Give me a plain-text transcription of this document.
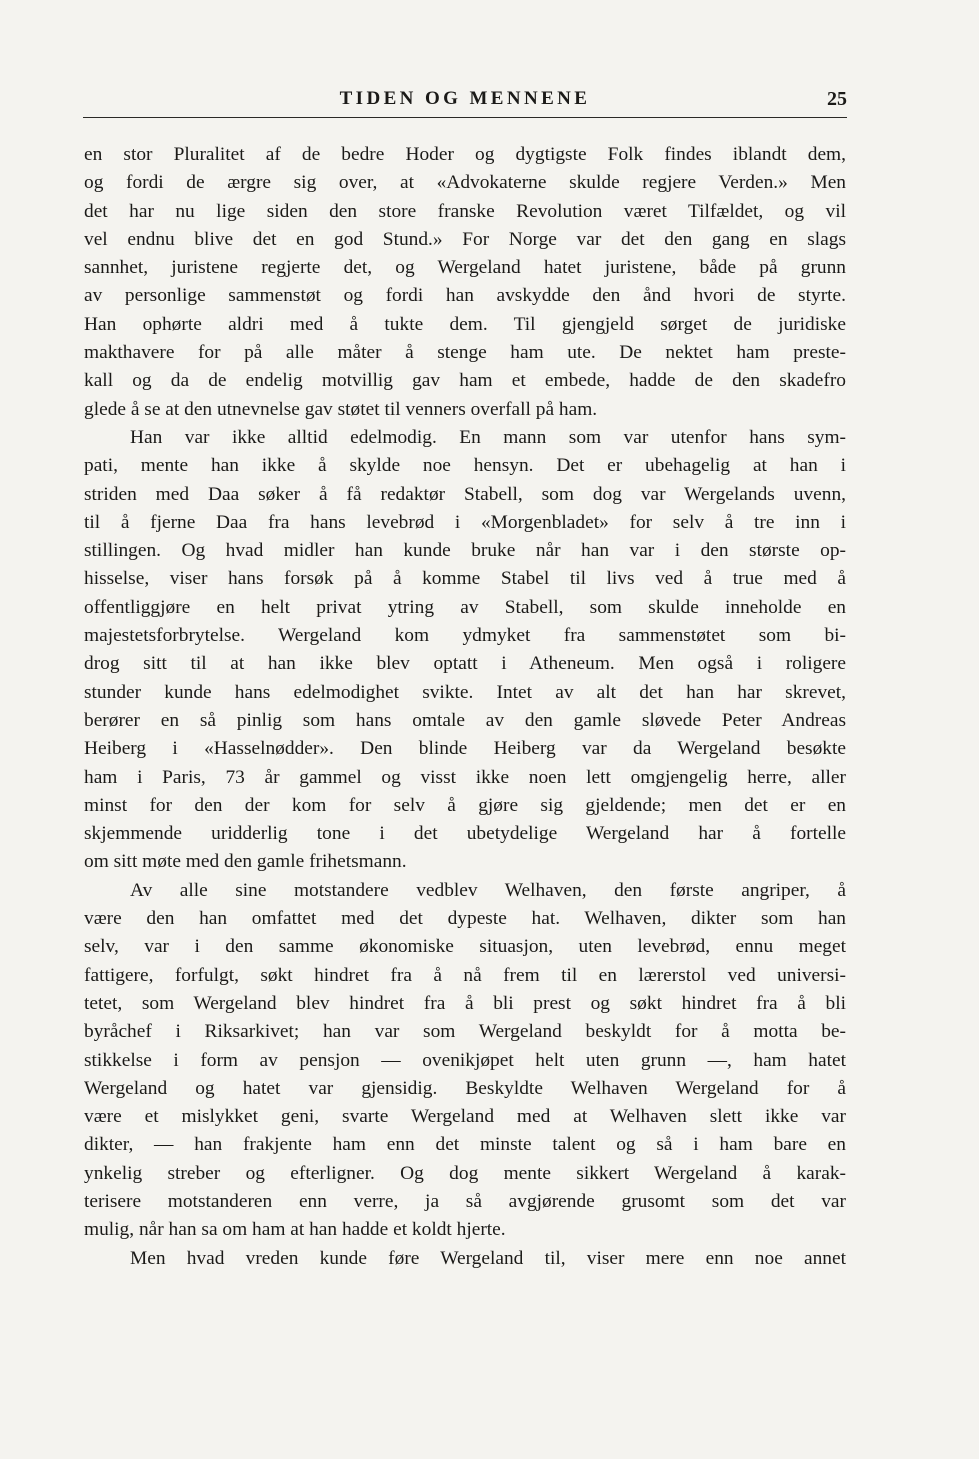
TIDEN OG MENNENE	25
en stor Pluralitet af de bedre Hoder og dygtigste Folk findes iblandt dem,
og fordi de ærgre sig over, at «Advokaterne skulde regjere Verden.» Men
det har nu lige siden den store franske Revolution været Tilfældet, og vil
vel endnu blive det en god Stund.» For Norge var det den gang en slags
sannhet, juristene regjerte det, og Wergeland hatet juristene, både på grunn
av personlige sammenstøt og fordi han avskydde den ånd hvori de styrte.
Han ophørte aldri med å tukte dem. Til gjengjeld sørget de juridiske
makthavere for på alle måter å stenge ham ute. De nektet ham preste-
kall og da de endelig motvillig gav ham et embede, hadde de den skadefro
glede å se at den utnevnelse gav støtet til venners overfall på ham.
Han var ikke alltid edelmodig. En mann som var utenfor hans sym-
pati, mente han ikke å skylde noe hensyn. Det er ubehagelig at han i
striden med Daa søker å få redaktør Stabell, som dog var Wergelands uvenn,
til å fjerne Daa fra hans levebrød i «Morgenbladet» for selv å tre inn i
stillingen. Og hvad midler han kunde bruke når han var i den største op-
hisselse, viser hans forsøk på å komme Stabel til livs ved å true med å
offentliggjøre en helt privat ytring av Stabell, som skulde inneholde en
majestetsforbrytelse. Wergeland kom ydmyket fra sammenstøtet som bi-
drog sitt til at han ikke blev optatt i Atheneum. Men også i roligere
stunder kunde hans edelmodighet svikte. Intet av alt det han har skrevet,
berører en så pinlig som hans omtale av den gamle sløvede Peter Andreas
Heiberg i «Hasselnødder». Den blinde Heiberg var da Wergeland besøkte
ham i Paris, 73 år gammel og visst ikke noen lett omgjengelig herre, aller
minst for den der kom for selv å gjøre sig gjeldende; men det er en
skjemmende uridderlig tone i det ubetydelige Wergeland har å fortelle
om sitt møte med den gamle frihetsmann.
Av alle sine motstandere vedblev Welhaven, den første angriper, å
være den han omfattet med det dypeste hat. Welhaven, dikter som han
selv, var i den samme økonomiske situasjon, uten levebrød, ennu meget
fattigere, forfulgt, søkt hindret fra å nå frem til en lærerstol ved universi-
tetet, som Wergeland blev hindret fra å bli prest og søkt hindret fra å bli
byråchef i Riksarkivet; han var som Wergeland beskyldt for å motta be-
stikkelse i form av pensjon — ovenikjøpet helt uten grunn —, ham hatet
Wergeland og hatet var gjensidig. Beskyldte Welhaven Wergeland for å
være et mislykket geni, svarte Wergeland med at Welhaven slett ikke var
dikter, — han frakjente ham enn det minste talent og så i ham bare en
ynkelig streber og efterligner. Og dog mente sikkert Wergeland å karak-
terisere motstanderen enn verre, ja så avgjørende grusomt som det var
mulig, når han sa om ham at han hadde et koldt hjerte.
Men hvad vreden kunde føre Wergeland til, viser mere enn noe annet
